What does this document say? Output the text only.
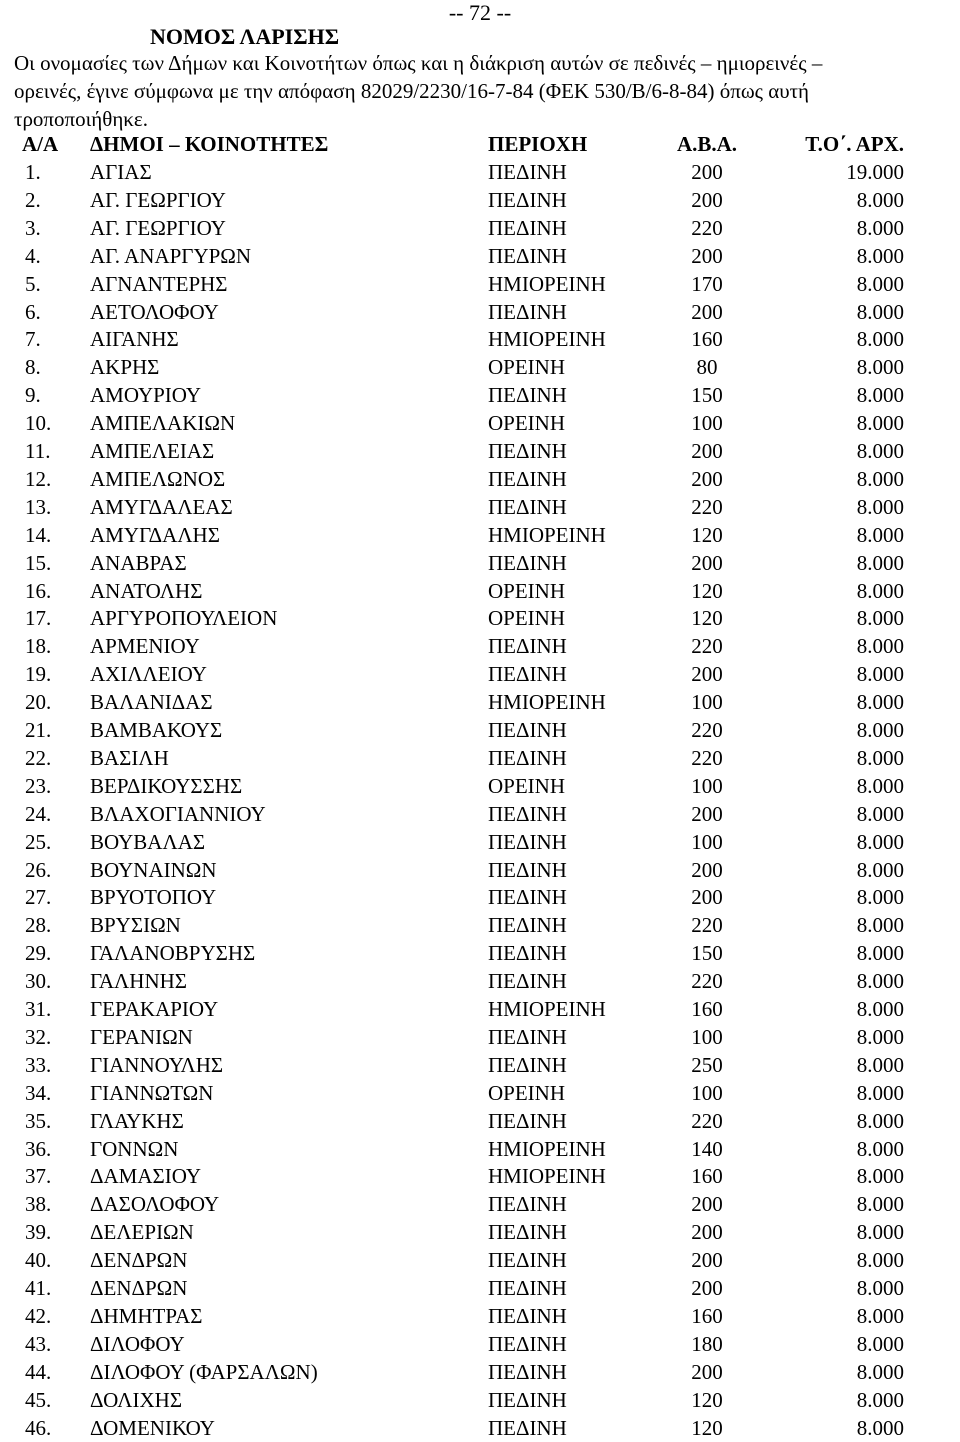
-- 72 --
ΝΟΜΟΣ ΛΑΡΙΣΗΣ
Οι ονομασίες των Δήμων και Κοινοτήτων όπως και η διάκριση αυτών σε πεδινές – ημιορεινές –
ορεινές, έγινε σύμφωνα με την απόφαση 82029/2230/16-7-84 (ΦΕΚ 530/Β/6-8-84) όπως αυτή
τροποποιήθηκε.
Α/Α ΔΗΜΟΙ – ΚΟΙΝΟΤΗΤΕΣ	ΠΕΡΙΟΧΗ	Α.Β.Α.	Τ.Ο΄. ΑΡΧ.
1. ΑΓΙΑΣ	ΠΕΔΙΝΗ	200	19.000
2. ΑΓ. ΓΕΩΡΓΙΟΥ	ΠΕΔΙΝΗ	200	8.000
3. ΑΓ. ΓΕΩΡΓΙΟΥ	ΠΕΔΙΝΗ	220	8.000
4. ΑΓ. ΑΝΑΡΓΥΡΩΝ	ΠΕΔΙΝΗ	200	8.000
5. ΑΓΝΑΝΤΕΡΗΣ	ΗΜΙΟΡΕΙΝΗ	170	8.000
6. ΑΕΤΟΛΟΦΟΥ	ΠΕΔΙΝΗ	200	8.000
7. ΑΙΓΑΝΗΣ	ΗΜΙΟΡΕΙΝΗ	160	8.000
8. ΑΚΡΗΣ	ΟΡΕΙΝΗ	80	8.000
9. ΑΜΟΥΡΙΟΥ	ΠΕΔΙΝΗ	150	8.000
10. ΑΜΠΕΛΑΚΙΩΝ	ΟΡΕΙΝΗ	100	8.000
11. ΑΜΠΕΛΕΙΑΣ	ΠΕΔΙΝΗ	200	8.000
12. ΑΜΠΕΛΩΝΟΣ	ΠΕΔΙΝΗ	200	8.000
13. ΑΜΥΓΔΑΛΕΑΣ	ΠΕΔΙΝΗ	220	8.000
14. ΑΜΥΓΔΑΛΗΣ	ΗΜΙΟΡΕΙΝΗ	120	8.000
15. ΑΝΑΒΡΑΣ	ΠΕΔΙΝΗ	200	8.000
16. ΑΝΑΤΟΛΗΣ	ΟΡΕΙΝΗ	120	8.000
17. ΑΡΓΥΡΟΠΟΥΛΕΙΟΝ	ΟΡΕΙΝΗ	120	8.000
18. ΑΡΜΕΝΙΟΥ	ΠΕΔΙΝΗ	220	8.000
19. ΑΧΙΛΛΕΙΟΥ	ΠΕΔΙΝΗ	200	8.000
20. ΒΑΛΑΝΙΔΑΣ	ΗΜΙΟΡΕΙΝΗ	100	8.000
21. ΒΑΜΒΑΚΟΥΣ	ΠΕΔΙΝΗ	220	8.000
22. ΒΑΣΙΛΗ	ΠΕΔΙΝΗ	220	8.000
23. ΒΕΡΔΙΚΟΥΣΣΗΣ	ΟΡΕΙΝΗ	100	8.000
24. ΒΛΑΧΟΓΙΑΝΝΙΟΥ	ΠΕΔΙΝΗ	200	8.000
25. ΒΟΥΒΑΛΑΣ	ΠΕΔΙΝΗ	100	8.000
26. ΒΟΥΝΑΙΝΩΝ	ΠΕΔΙΝΗ	200	8.000
27. ΒΡΥΟΤΟΠΟΥ	ΠΕΔΙΝΗ	200	8.000
28. ΒΡΥΣΙΩΝ	ΠΕΔΙΝΗ	220	8.000
29. ΓΑΛΑΝΟΒΡΥΣΗΣ	ΠΕΔΙΝΗ	150	8.000
30. ΓΑΛΗΝΗΣ	ΠΕΔΙΝΗ	220	8.000
31. ΓΕΡΑΚΑΡΙΟΥ	ΗΜΙΟΡΕΙΝΗ	160	8.000
32. ΓΕΡΑΝΙΩΝ	ΠΕΔΙΝΗ	100	8.000
33. ΓΙΑΝΝΟΥΛΗΣ	ΠΕΔΙΝΗ	250	8.000
34. ΓΙΑΝΝΩΤΩΝ	ΟΡΕΙΝΗ	100	8.000
35. ΓΛΑΥΚΗΣ	ΠΕΔΙΝΗ	220	8.000
36. ΓΟΝΝΩΝ	ΗΜΙΟΡΕΙΝΗ	140	8.000
37. ΔΑΜΑΣΙΟΥ	ΗΜΙΟΡΕΙΝΗ	160	8.000
38. ΔΑΣΟΛΟΦΟΥ	ΠΕΔΙΝΗ	200	8.000
39. ΔΕΛΕΡΙΩΝ	ΠΕΔΙΝΗ	200	8.000
40. ΔΕΝΔΡΩΝ	ΠΕΔΙΝΗ	200	8.000
41. ΔΕΝΔΡΩΝ	ΠΕΔΙΝΗ	200	8.000
42. ΔΗΜΗΤΡΑΣ	ΠΕΔΙΝΗ	160	8.000
43. ΔΙΛΟΦΟΥ	ΠΕΔΙΝΗ	180	8.000
44. ΔΙΛΟΦΟΥ (ΦΑΡΣΑΛΩΝ)	ΠΕΔΙΝΗ	200	8.000
45. ΔΟΛΙΧΗΣ	ΠΕΔΙΝΗ	120	8.000
46. ΔΟΜΕΝΙΚΟΥ	ΠΕΔΙΝΗ	120	8.000
